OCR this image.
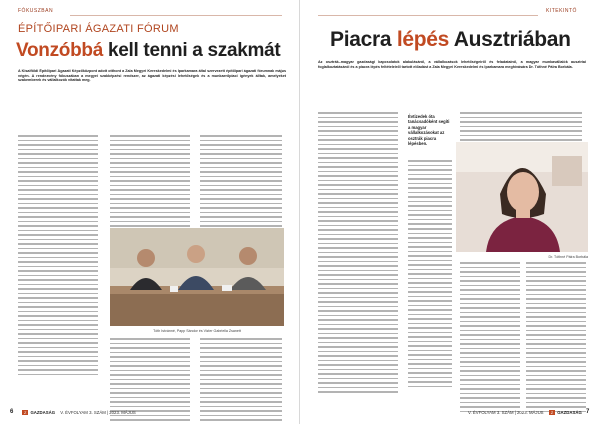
FÓKUSZBAN
ÉPÍTŐIPARI ÁGAZATI FÓRUM
Vonzóbbá kell tenni a szakmát
A Kisalföldi Építőipari Ágazati Képzőközpont adott otthont a Zala Megyei Kereskedelmi és Iparkamara által szervezett építőipari ágazati fórumnak május végén. A rendezvény fókuszában a megyei szakképzési rendszer, az ágazati képzési lehetőségek és a munkaerőpiaci igények álltak, amelyeket szakemberek és vállalkozók vitattak meg.
Tóth Istvánné, Papp Sándor és Vizler Gabriella Zsanett
6	Z GAZDASÁG V. ÉVFOLYAM 3. SZÁM | 2023. MÁJUS
KITEKINTŐ
Piacra lépés Ausztriában
Az osztrák–magyar gazdasági kapcsolatok alakulásáról, a vállalkozások lehetőségeiről és feladatairól, a magyar munkavállalók ausztriai foglalkoztatásáról és a piacra lépés feltételeiről tartott előadást a Zala Megyei Kereskedelmi és Iparkamara meghívására Dr. Tóthné Pálra Borbála.
Évtizedek óta tanácsadóként segíti a magyar vállalkozásokat az osztrák piacra lépésben.
Dr. Tóthné Pálra Borbála
V. ÉVFOLYAM 3. SZÁM | 2023. MÁJUS Z GAZDASÁG 7
